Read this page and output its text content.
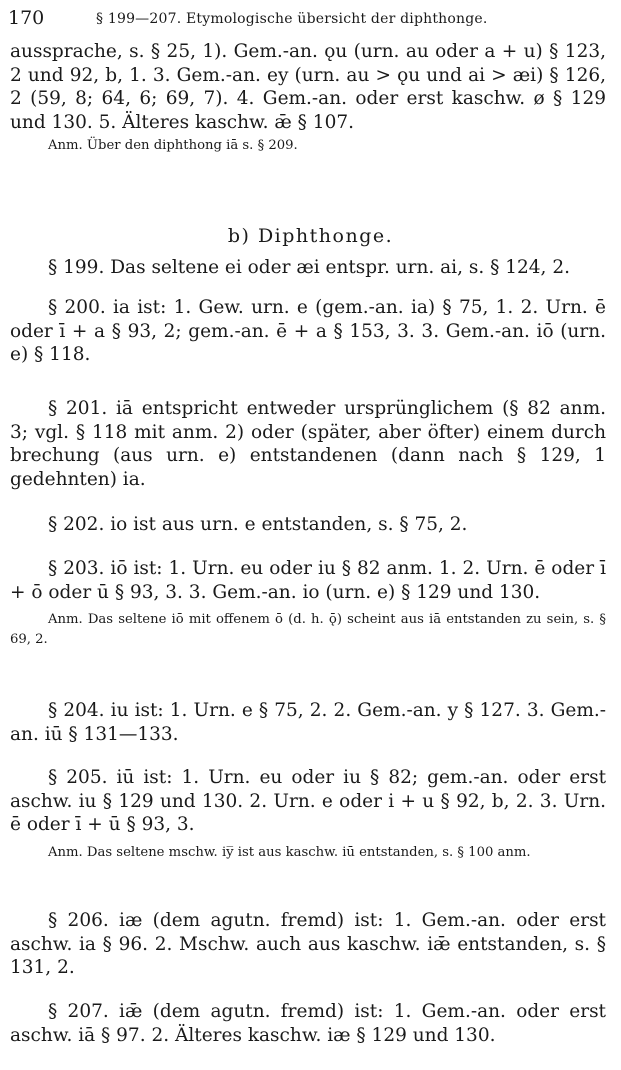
170	§ 199—207. Etymologische übersicht der diphthonge.

aussprache, s. § 25, 1). Gem.-an. ǫu (urn. au oder a + u) § 123, 2 und 92, b, 1. 3. Gem.-an. ey (urn. au > ǫu und ai > æi) § 126, 2 (59, 8; 64, 6; 69, 7). 4. Gem.-an. oder erst kaschw. ø § 129 und 130. 5. Älteres kaschw. ǣ § 107.

Anm. Über den diphthong iā s. § 209.

b) Diphthonge.

§ 199. Das seltene ei oder æi entspr. urn. ai, s. § 124, 2.

§ 200. ia ist: 1. Gew. urn. e (gem.-an. ia) § 75, 1. 2. Urn. ē oder ī + a § 93, 2; gem.-an. ē + a § 153, 3. 3. Gem.-an. iō (urn. e) § 118.

§ 201. iā entspricht entweder ursprünglichem (§ 82 anm. 3; vgl. § 118 mit anm. 2) oder (später, aber öfter) einem durch brechung (aus urn. e) entstandenen (dann nach § 129, 1 gedehnten) ia.

§ 202. io ist aus urn. e entstanden, s. § 75, 2.

§ 203. iō ist: 1. Urn. eu oder iu § 82 anm. 1. 2. Urn. ē oder ī + ō oder ū § 93, 3. 3. Gem.-an. io (urn. e) § 129 und 130.

Anm. Das seltene iō mit offenem ō (d. h. ǭ) scheint aus iā entstanden zu sein, s. § 69, 2.

§ 204. iu ist: 1. Urn. e § 75, 2. 2. Gem.-an. y § 127. 3. Gem.-an. iū § 131—133.

§ 205. iū ist: 1. Urn. eu oder iu § 82; gem.-an. oder erst aschw. iu § 129 und 130. 2. Urn. e oder i + u § 92, b, 2. 3. Urn. ē oder ī + ū § 93, 3.

Anm. Das seltene mschw. iy̅ ist aus kaschw. iū entstanden, s. § 100 anm.

§ 206. iæ (dem agutn. fremd) ist: 1. Gem.-an. oder erst aschw. ia § 96. 2. Mschw. auch aus kaschw. iǣ entstanden, s. § 131, 2.

§ 207. iǣ (dem agutn. fremd) ist: 1. Gem.-an. oder erst aschw. iā § 97. 2. Älteres kaschw. iæ § 129 und 130.
